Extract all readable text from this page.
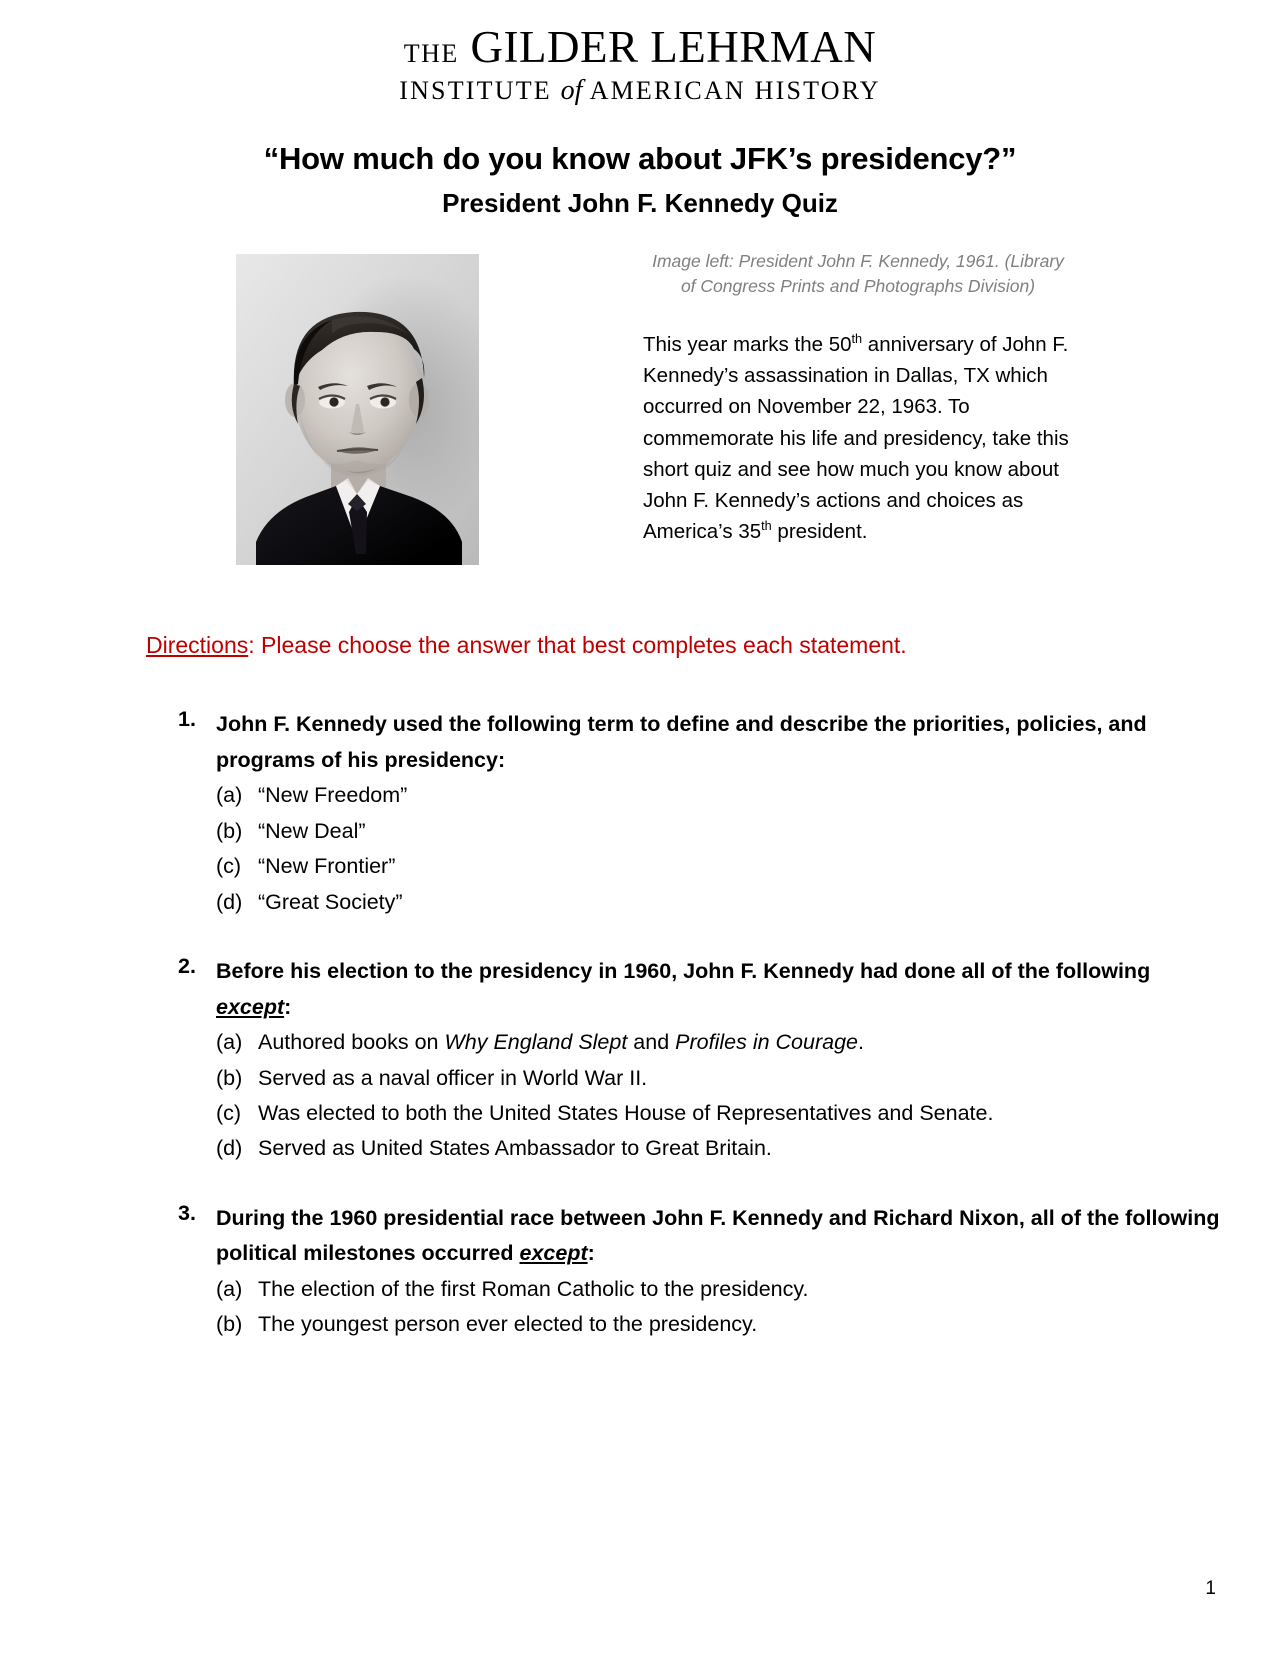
THE GILDER LEHRMAN
INSTITUTE of AMERICAN HISTORY
“How much do you know about JFK’s presidency?”
President John F. Kennedy Quiz

Image left: President John F. Kennedy, 1961. (Library of Congress Prints and Photographs Division)

This year marks the 50th anniversary of John F. Kennedy’s assassination in Dallas, TX which occurred on November 22, 1963. To commemorate his life and presidency, take this short quiz and see how much you know about John F. Kennedy’s actions and choices as America’s 35th president.

Directions: Please choose the answer that best completes each statement.
1. John F. Kennedy used the following term to define and describe the priorities, policies, and programs of his presidency:
(a) “New Freedom”
(b) “New Deal”
(c) “New Frontier”
(d) “Great Society”
2. Before his election to the presidency in 1960, John F. Kennedy had done all of the following except:
(a) Authored books on Why England Slept and Profiles in Courage.
(b) Served as a naval officer in World War II.
(c) Was elected to both the United States House of Representatives and Senate.
(d) Served as United States Ambassador to Great Britain.
3. During the 1960 presidential race between John F. Kennedy and Richard Nixon, all of the following political milestones occurred except:
(a) The election of the first Roman Catholic to the presidency.
(b) The youngest person ever elected to the presidency.
1
